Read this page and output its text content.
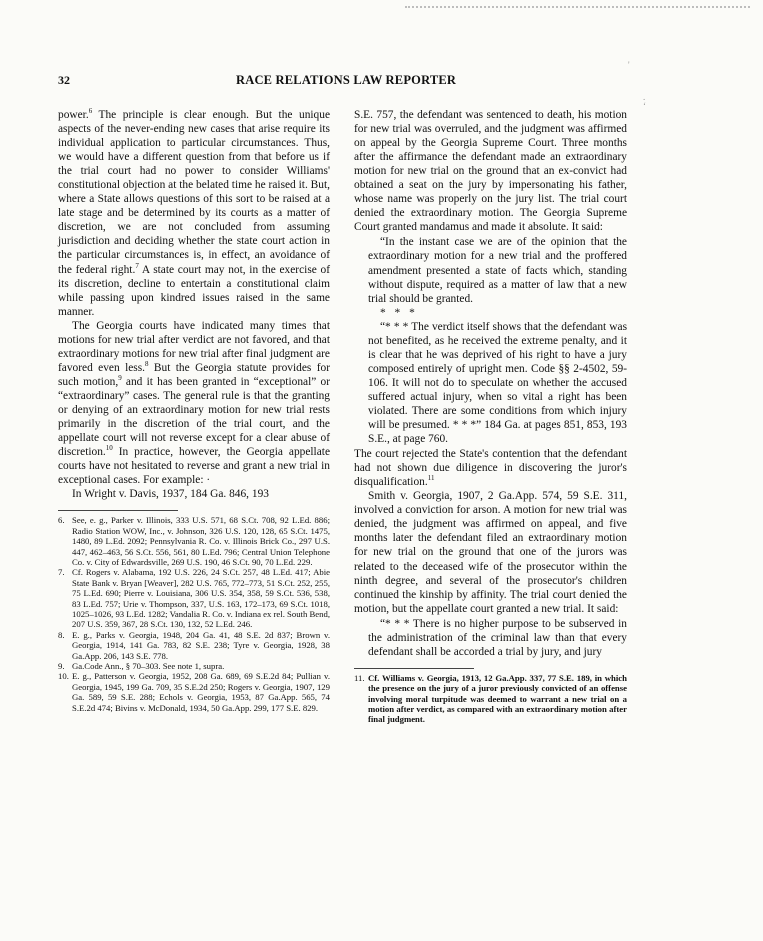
'
.
ʻ
32	RACE RELATIONS LAW REPORTER

power.$^6$ The principle is clear enough. But the unique aspects of the never-ending new cases that arise require its individual application to particular circumstances. Thus, we would have a different question from that before us if the trial court had no power to consider Williams' constitutional objection at the belated time he raised it. But, where a State allows questions of this sort to be raised at a late stage and be determined by its courts as a matter of discretion, we are not concluded from assuming jurisdiction and deciding whether the state court action in the particular circumstances is, in effect, an avoidance of the federal right.$^7$ A state court may not, in the exercise of its discretion, decline to entertain a constitutional claim while passing upon kindred issues raised in the same manner.

The Georgia courts have indicated many times that motions for new trial after verdict are not favored, and that extraordinary motions for new trial after final judgment are favored even less.$^8$ But the Georgia statute provides for such motion,$^9$ and it has been granted in “exceptional” or “extraordinary” cases. The general rule is that the granting or denying of an extraordinary motion for new trial rests primarily in the discretion of the trial court, and the appellate court will not reverse except for a clear abuse of discretion.$^{10}$ In practice, however, the Georgia appellate courts have not hesitated to reverse and grant a new trial in exceptional cases. For example: ·

In Wright v. Davis, 1937, 184 Ga. 846, 193

6. See, e. g., Parker v. Illinois, 333 U.S. 571, 68 S.Ct. 708, 92 L.Ed. 886; Radio Station WOW, Inc., v. Johnson, 326 U.S. 120, 128, 65 S.Ct. 1475, 1480, 89 L.Ed. 2092; Pennsylvania R. Co. v. Illinois Brick Co., 297 U.S. 447, 462–463, 56 S.Ct. 556, 561, 80 L.Ed. 796; Central Union Telephone Co. v. City of Edwardsville, 269 U.S. 190, 46 S.Ct. 90, 70 L.Ed. 229.
7. Cf. Rogers v. Alabama, 192 U.S. 226, 24 S.Ct. 257, 48 L.Ed. 417; Abie State Bank v. Bryan [Weaver], 282 U.S. 765, 772–773, 51 S.Ct. 252, 255, 75 L.Ed. 690; Pierre v. Louisiana, 306 U.S. 354, 358, 59 S.Ct. 536, 538, 83 L.Ed. 757; Urie v. Thompson, 337, U.S. 163, 172–173, 69 S.Ct. 1018, 1025–1026, 93 L.Ed. 1282; Vandalia R. Co. v. Indiana ex rel. South Bend, 207 U.S. 359, 367, 28 S.Ct. 130, 132, 52 L.Ed. 246.
8. E. g., Parks v. Georgia, 1948, 204 Ga. 41, 48 S.E. 2d 837; Brown v. Georgia, 1914, 141 Ga. 783, 82 S.E. 238; Tyre v. Georgia, 1928, 38 Ga.App. 206, 143 S.E. 778.
9. Ga.Code Ann., § 70–303. See note 1, supra.
10. E. g., Patterson v. Georgia, 1952, 208 Ga. 689, 69 S.E.2d 84; Pullian v. Georgia, 1945, 199 Ga. 709, 35 S.E.2d 250; Rogers v. Georgia, 1907, 129 Ga. 589, 59 S.E. 288; Echols v. Georgia, 1953, 87 Ga.App. 565, 74 S.E.2d 474; Bivins v. McDonald, 1934, 50 Ga.App. 299, 177 S.E. 829.

S.E. 757, the defendant was sentenced to death, his motion for new trial was overruled, and the judgment was affirmed on appeal by the Georgia Supreme Court. Three months after the affirmance the defendant made an extraordinary motion for new trial on the ground that an ex-convict had obtained a seat on the jury by impersonating his father, whose name was properly on the jury list. The trial court denied the extraordinary motion. The Georgia Supreme Court granted mandamus and made it absolute. It said:

“In the instant case we are of the opinion that the extraordinary motion for a new trial and the proffered amendment presented a state of facts which, standing without dispute, required as a matter of law that a new trial should be granted.

* * *

“* * * The verdict itself shows that the defendant was not benefited, as he received the extreme penalty, and it is clear that he was deprived of his right to have a jury composed entirely of upright men. Code §§ 2-4502, 59-106. It will not do to speculate on whether the accused suffered actual injury, when so vital a right has been violated. There are some conditions from which injury will be presumed. * * *” 184 Ga. at pages 851, 853, 193 S.E., at page 760.

The court rejected the State's contention that the defendant had not shown due diligence in discovering the juror's disqualification.$^{11}$

Smith v. Georgia, 1907, 2 Ga.App. 574, 59 S.E. 311, involved a conviction for arson. A motion for new trial was denied, the judgment was affirmed on appeal, and five months later the defendant filed an extraordinary motion for new trial on the ground that one of the jurors was related to the deceased wife of the prosecutor within the ninth degree, and several of the prosecutor's children continued the kinship by affinity. The trial court denied the motion, but the appellate court granted a new trial. It said:

“* * * There is no higher purpose to be subserved in the administration of the criminal law than that every defendant shall be accorded a trial by jury, and jury

11. Cf. Williams v. Georgia, 1913, 12 Ga.App. 337, 77 S.E. 189, in which the presence on the jury of a juror previously convicted of an offense involving moral turpitude was deemed to warrant a new trial on a motion after verdict, as compared with an extraordinary motion after final judgment.
